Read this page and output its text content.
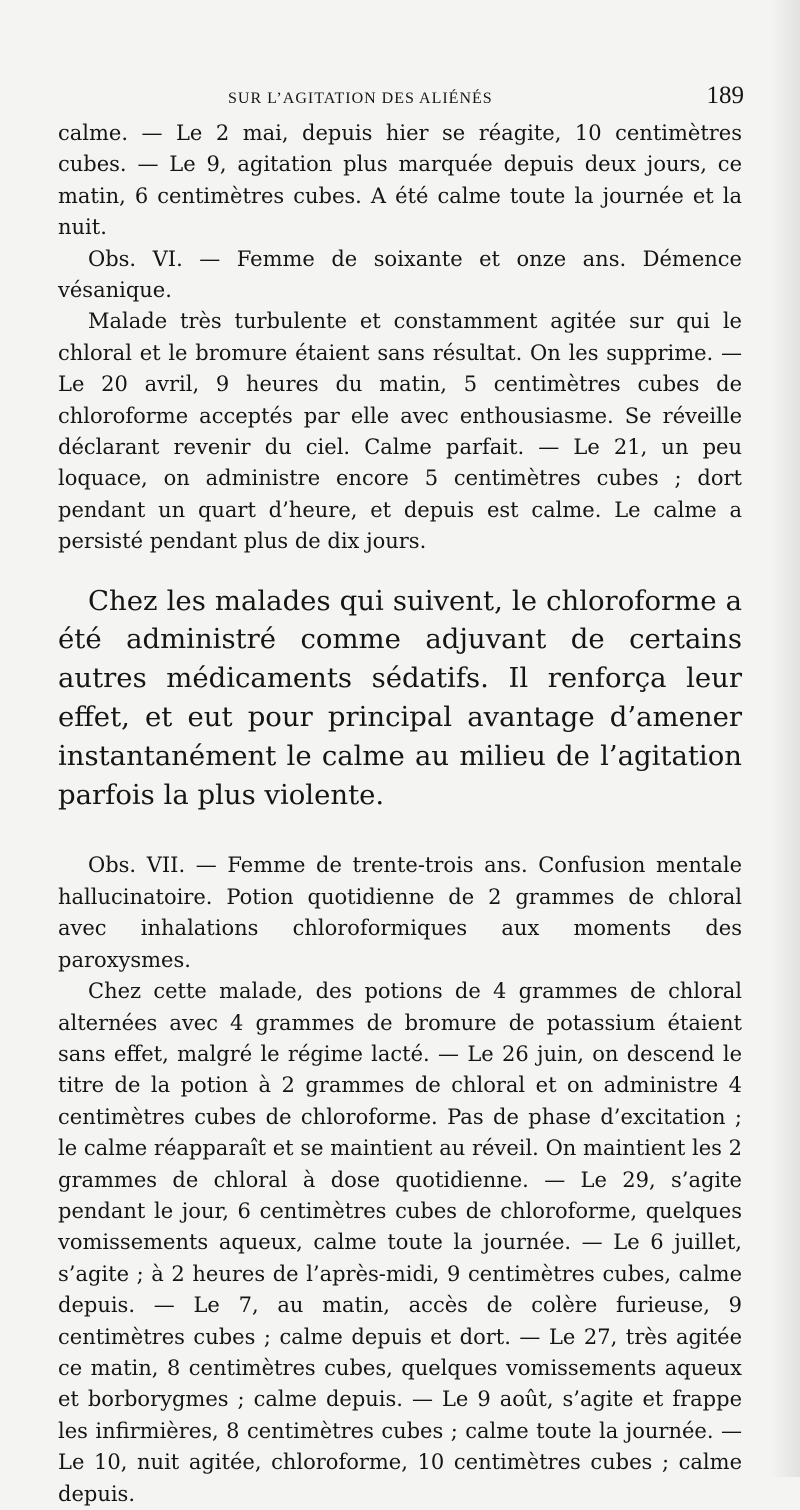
SUR L’AGITATION DES ALIÉNÉS	189

calme. — Le 2 mai, depuis hier se réagite, 10 centimètres cubes. — Le 9, agitation plus marquée depuis deux jours, ce matin, 6 centimètres cubes. A été calme toute la journée et la nuit.

Obs. VI. — Femme de soixante et onze ans. Démence vésanique.

Malade très turbulente et constamment agitée sur qui le chloral et le bromure étaient sans résultat. On les supprime. — Le 20 avril, 9 heures du matin, 5 centimètres cubes de chloroforme acceptés par elle avec enthousiasme. Se réveille déclarant revenir du ciel. Calme parfait. — Le 21, un peu loquace, on administre encore 5 centimètres cubes ; dort pendant un quart d’heure, et depuis est calme. Le calme a persisté pendant plus de dix jours.

Chez les malades qui suivent, le chloroforme a été administré comme adjuvant de certains autres médicaments sédatifs. Il renforça leur effet, et eut pour principal avantage d’amener instantanément le calme au milieu de l’agitation parfois la plus violente.

Obs. VII. — Femme de trente-trois ans. Confusion mentale hallucinatoire. Potion quotidienne de 2 grammes de chloral avec inhalations chloroformiques aux moments des paroxysmes.

Chez cette malade, des potions de 4 grammes de chloral alternées avec 4 grammes de bromure de potassium étaient sans effet, malgré le régime lacté. — Le 26 juin, on descend le titre de la potion à 2 grammes de chloral et on administre 4 centimètres cubes de chloroforme. Pas de phase d’excitation ; le calme réapparaît et se maintient au réveil. On maintient les 2 grammes de chloral à dose quotidienne. — Le 29, s’agite pendant le jour, 6 centimètres cubes de chloroforme, quelques vomissements aqueux, calme toute la journée. — Le 6 juillet, s’agite ; à 2 heures de l’après-midi, 9 centimètres cubes, calme depuis. — Le 7, au matin, accès de colère furieuse, 9 centimètres cubes ; calme depuis et dort. — Le 27, très agitée ce matin, 8 centimètres cubes, quelques vomissements aqueux et borborygmes ; calme depuis. — Le 9 août, s’agite et frappe les infirmières, 8 centimètres cubes ; calme toute la journée. — Le 10, nuit agitée, chloroforme, 10 centimètres cubes ; calme depuis.
